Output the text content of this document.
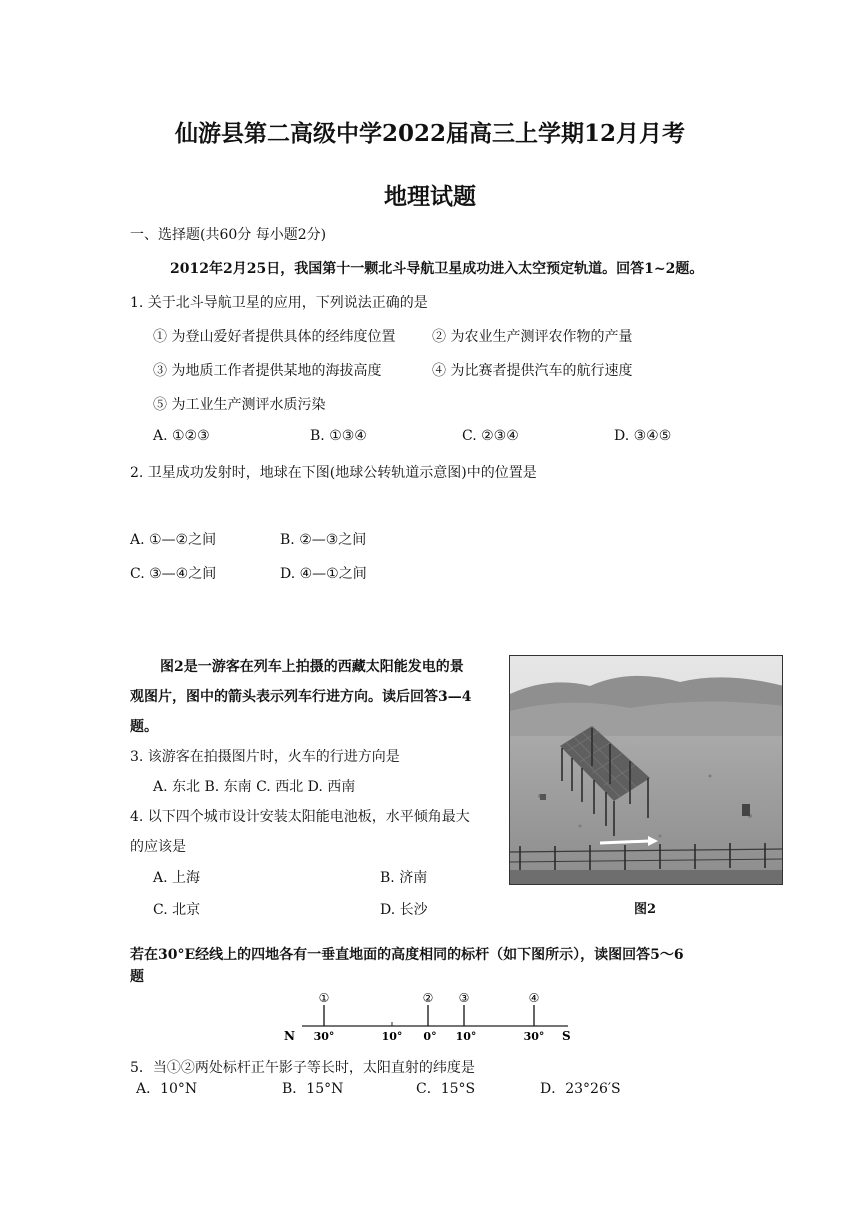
仙游县第二高级中学2022届高三上学期12月月考
地理试题
一、选择题(共60分 每小题2分)
2012年2月25日，我国第十一颗北斗导航卫星成功进入太空预定轨道。回答1~2题。
1. 关于北斗导航卫星的应用，下列说法正确的是
① 为登山爱好者提供具体的经纬度位置	② 为农业生产测评农作物的产量
③ 为地质工作者提供某地的海拔高度	④ 为比赛者提供汽车的航行速度
⑤ 为工业生产测评水质污染
A. ①②③	B. ①③④	C. ②③④	D. ③④⑤
2. 卫星成功发射时，地球在下图(地球公转轨道示意图)中的位置是
A. ①—②之间	B. ②—③之间
C. ③—④之间	D. ④—①之间
图2是一游客在列车上拍摄的西藏太阳能发电的景
观图片，图中的箭头表示列车行进方向。读后回答3—4
题。
3. 该游客在拍摄图片时，火车的行进方向是
A. 东北 B. 东南 C. 西北 D. 西南
4. 以下四个城市设计安装太阳能电池板，水平倾角最大
的应该是
A. 上海	B. 济南
C. 北京	D. 长沙	图2
若在30°E经线上的四地各有一垂直地面的高度相同的标杆（如下图所示），读图回答5～6
题
①	② ③	④
N	S
30°	10° 0° 10°	30°
5．当①②两处标杆正午影子等长时，太阳直射的纬度是
A．10°N	B．15°N	C．15°S	D．23°26′S
